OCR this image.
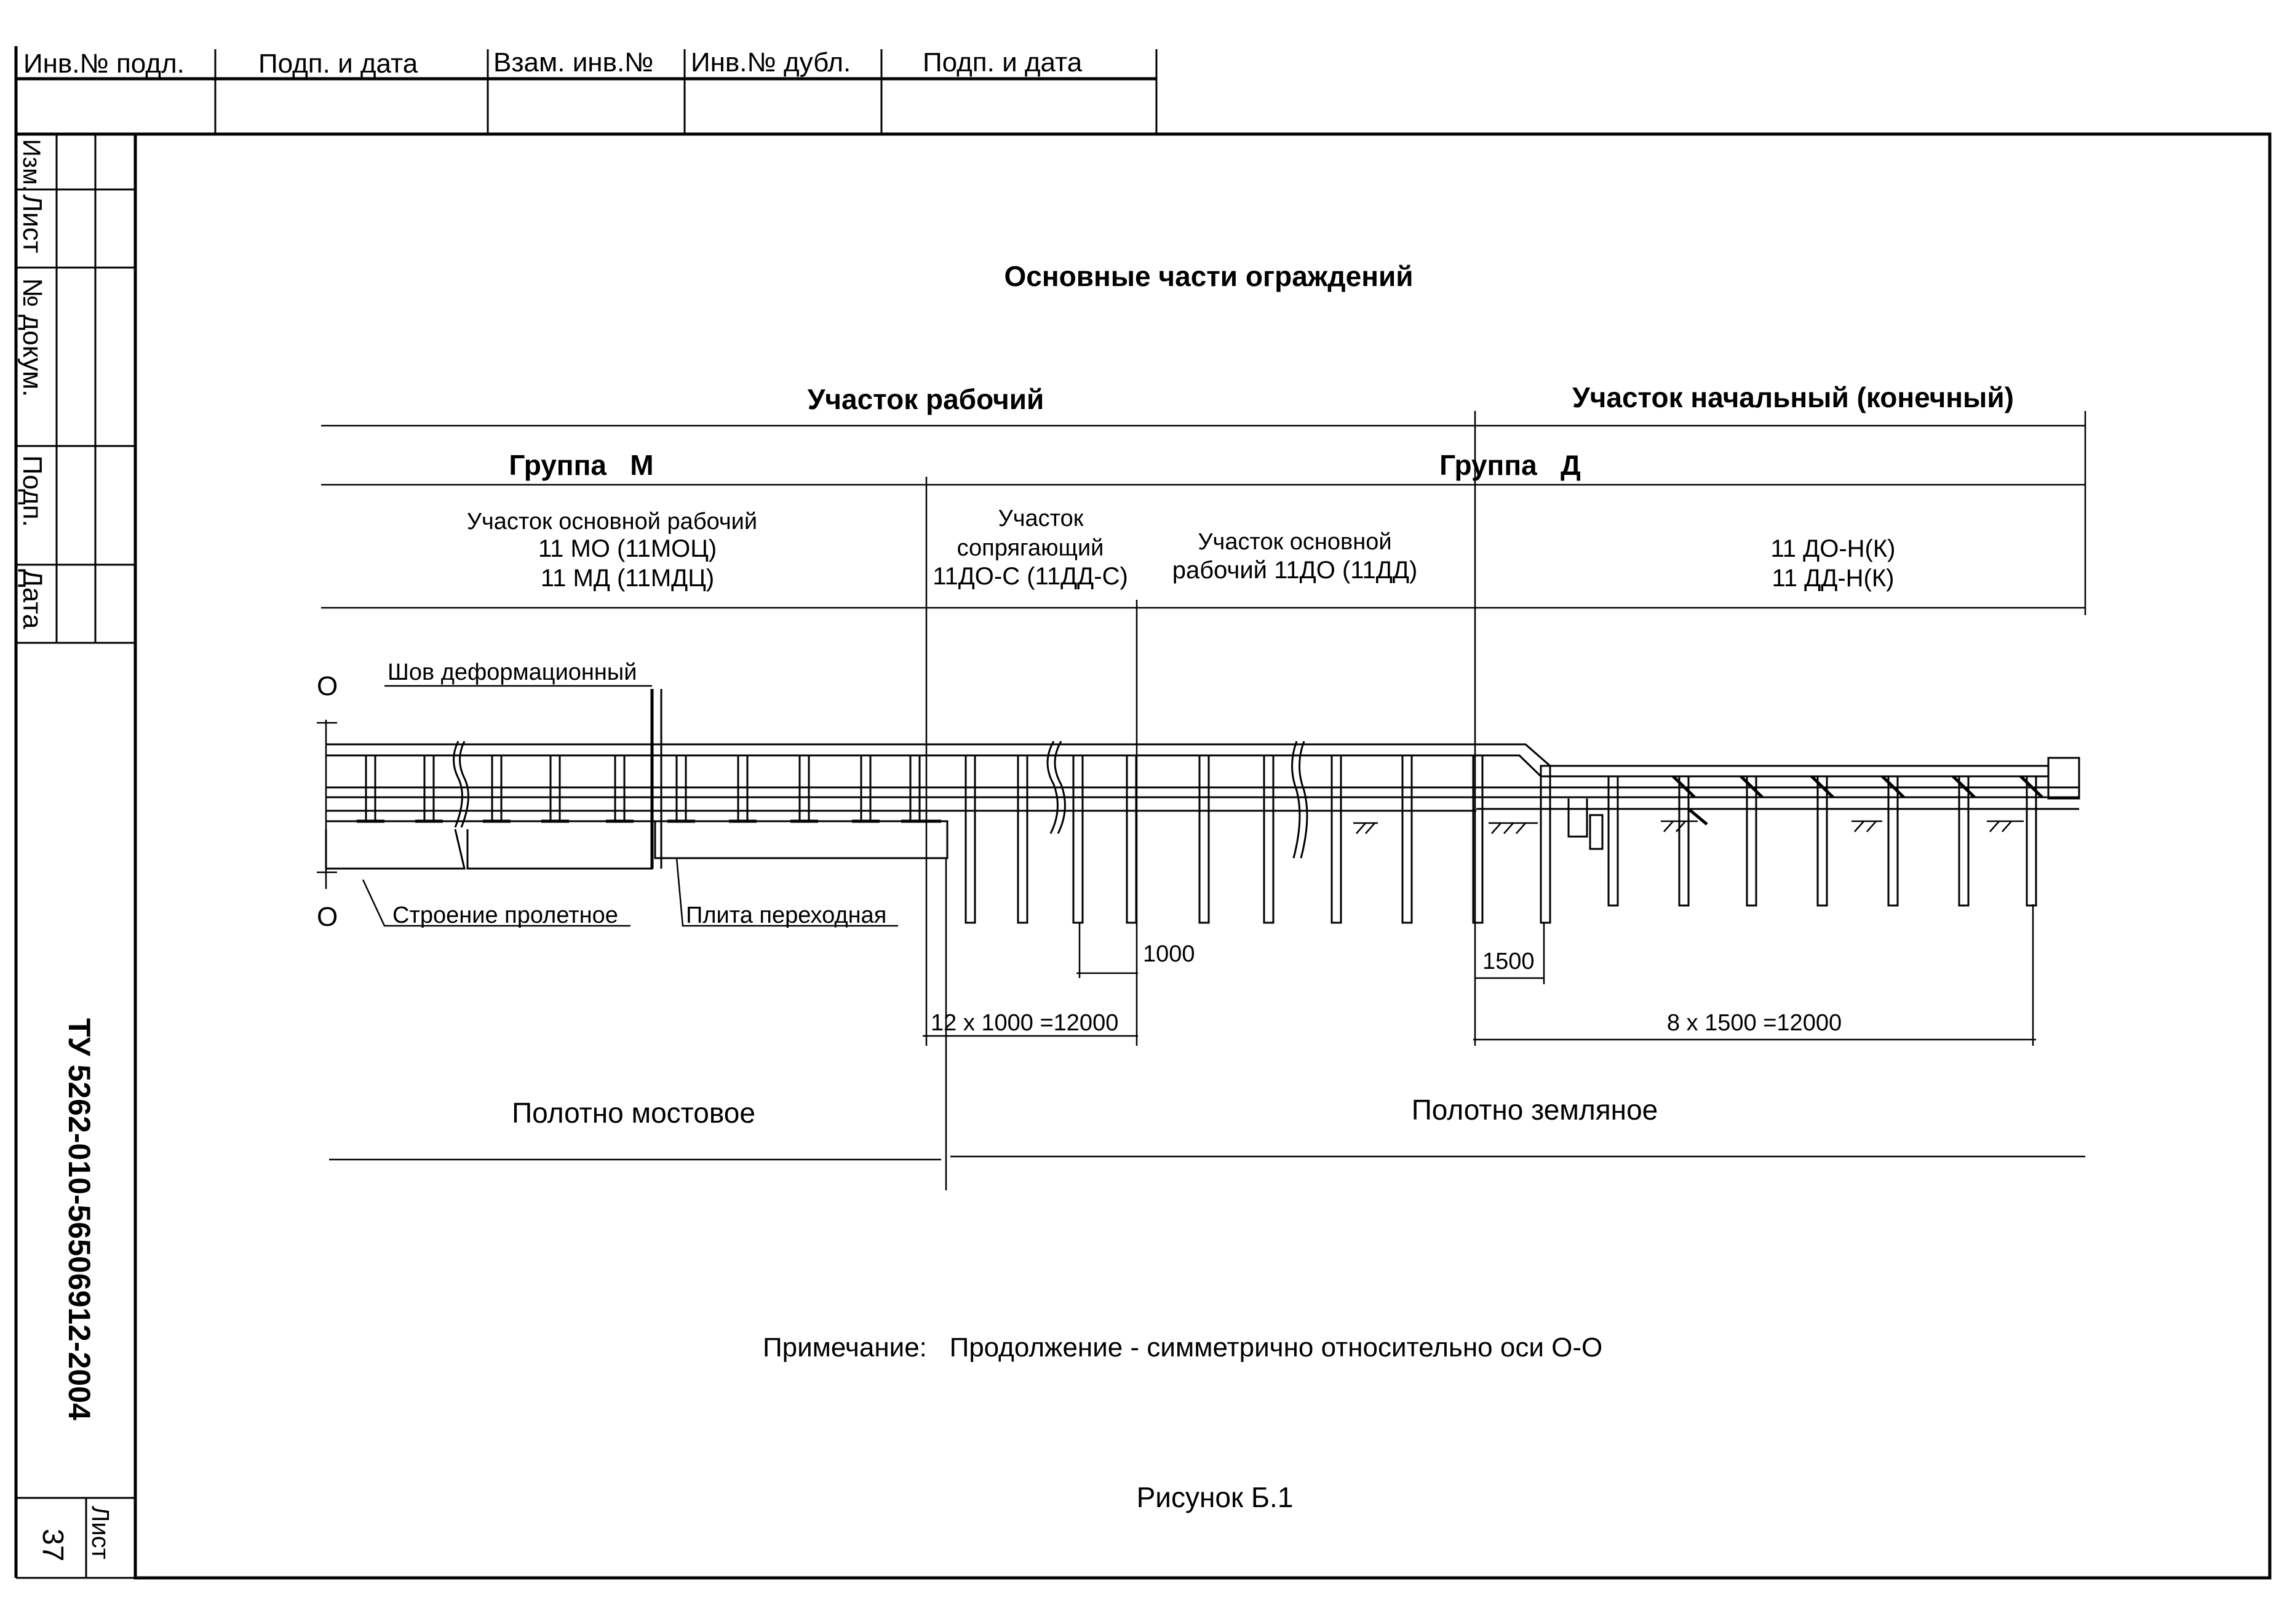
Инв.№ подл.	Подп. и дата	Взам. инв.№ Инв.№ дубл.	Подп. и дата
Изм.
Лист
№ докум.
Подп.
Дата
ТУ 5262-010-56506912-2004
Лист
37
Основные части ограждений
Участок рабочий	Участок начальный (конечный)
Группа   М	Группа   Д
Участок основной рабочий
11 МО (11МОЦ)
11 МД (11МДЦ)
Участок
сопрягающий
11ДО-С (11ДД-С)
Участок основной
рабочий 11ДО (11ДД)
11 ДО-Н(К)
11 ДД-Н(К)
О
О
Шов деформационный
Строение пролетное	Плита переходная
1000
12 х 1000 =12000
1500
8 х 1500 =12000
Полотно мостовое	Полотно земляное
Примечание:   Продолжение - симметрично относительно оси О-О
Рисунок Б.1
